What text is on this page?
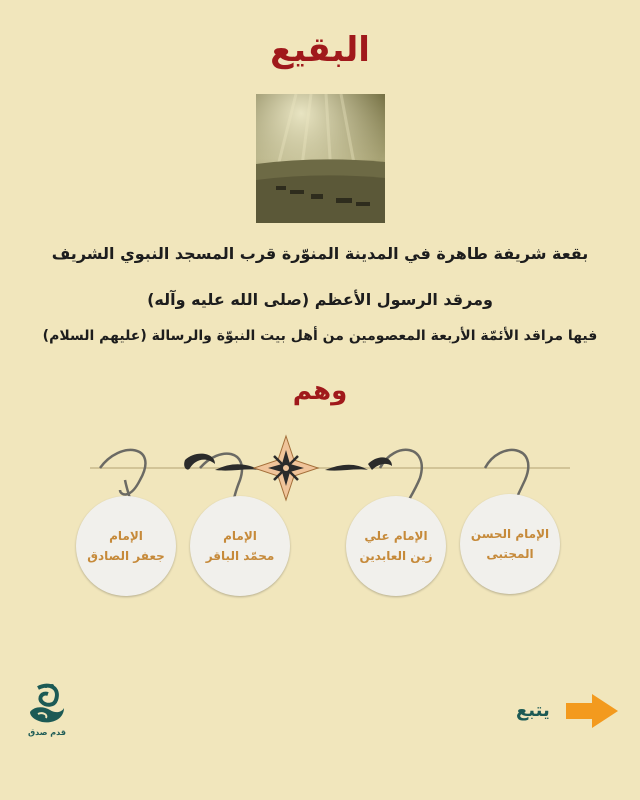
البقيع
بقعة شريفة طاهرة في المدينة المنوّرة قرب المسجد النبوي الشريف
ومرقد الرسول الأعظم (صلى الله عليه وآله)
فيها مراقد الأئمّة الأربعة المعصومين من أهل بيت النبوّة والرسالة (عليهم السلام)
وهم
الإمام الحسن
المجتبى
الإمام علي
زين العابدين
الإمام
محمّد الباقر
الإمام
جعفر الصادق
قدم صدق
يتبع
